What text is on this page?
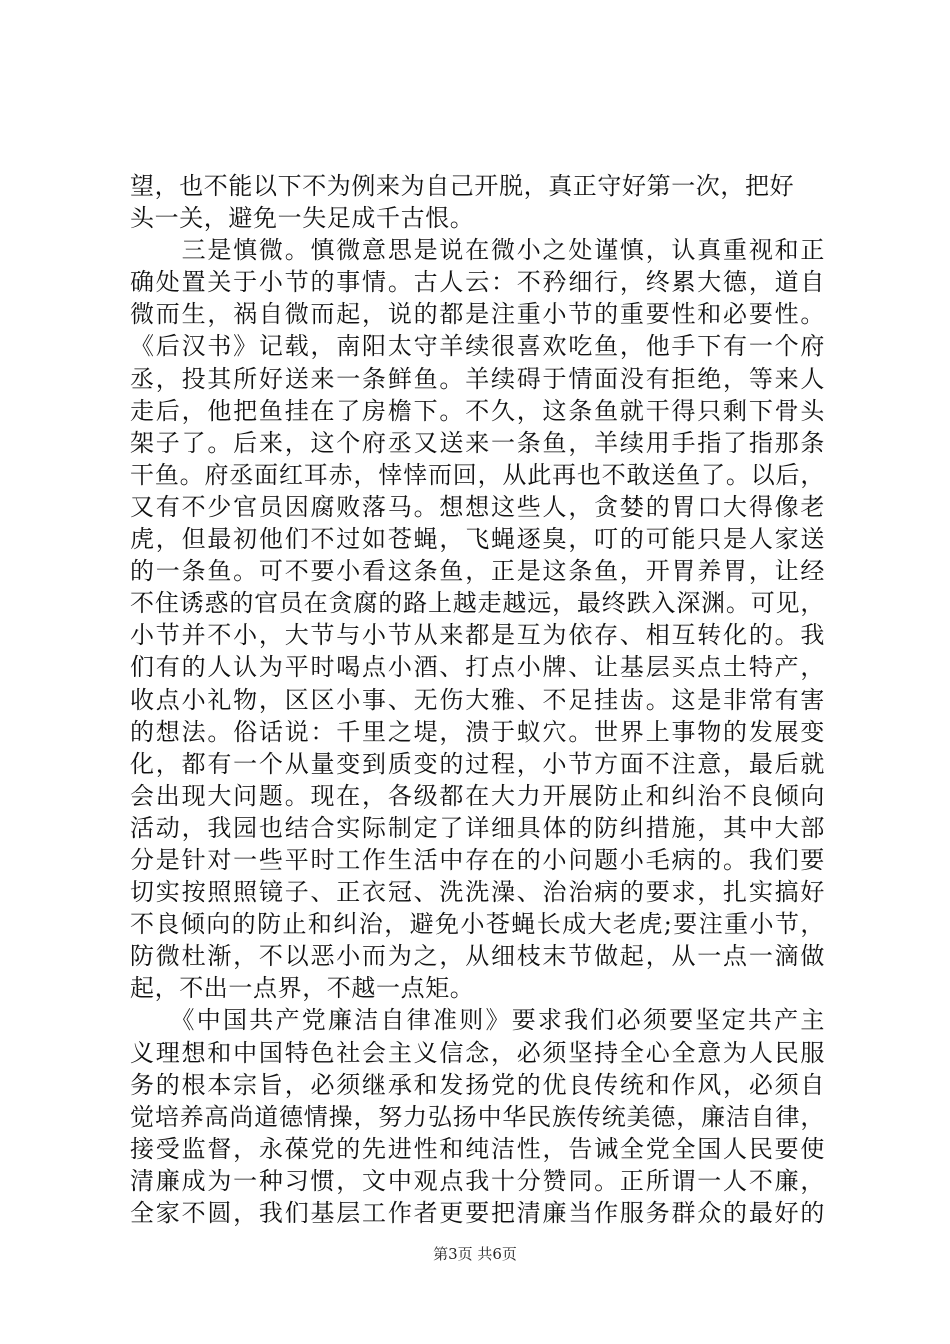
望，也不能以下不为例来为自己开脱，真正守好第一次，把好
头一关，避免一失足成千古恨。
　　三是慎微。慎微意思是说在微小之处谨慎，认真重视和正
确处置关于小节的事情。古人云：不矜细行，终累大德，道自
微而生，祸自微而起，说的都是注重小节的重要性和必要性。
《后汉书》记载，南阳太守羊续很喜欢吃鱼，他手下有一个府
丞，投其所好送来一条鲜鱼。羊续碍于情面没有拒绝，等来人
走后，他把鱼挂在了房檐下。不久，这条鱼就干得只剩下骨头
架子了。后来，这个府丞又送来一条鱼，羊续用手指了指那条
干鱼。府丞面红耳赤，悻悻而回，从此再也不敢送鱼了。以后，
又有不少官员因腐败落马。想想这些人，贪婪的胃口大得像老
虎，但最初他们不过如苍蝇，飞蝇逐臭，叮的可能只是人家送
的一条鱼。可不要小看这条鱼，正是这条鱼，开胃养胃，让经
不住诱惑的官员在贪腐的路上越走越远，最终跌入深渊。可见，
小节并不小，大节与小节从来都是互为依存、相互转化的。我
们有的人认为平时喝点小酒、打点小牌、让基层买点土特产，
收点小礼物，区区小事、无伤大雅、不足挂齿。这是非常有害
的想法。俗话说：千里之堤，溃于蚁穴。世界上事物的发展变
化，都有一个从量变到质变的过程，小节方面不注意，最后就
会出现大问题。现在，各级都在大力开展防止和纠治不良倾向
活动，我园也结合实际制定了详细具体的防纠措施，其中大部
分是针对一些平时工作生活中存在的小问题小毛病的。我们要
切实按照照镜子、正衣冠、洗洗澡、治治病的要求，扎实搞好
不良倾向的防止和纠治，避免小苍蝇长成大老虎;要注重小节，
防微杜渐，不以恶小而为之，从细枝末节做起，从一点一滴做
起，不出一点界，不越一点矩。
　　《中国共产党廉洁自律准则》要求我们必须要坚定共产主
义理想和中国特色社会主义信念，必须坚持全心全意为人民服
务的根本宗旨，必须继承和发扬党的优良传统和作风，必须自
觉培养高尚道德情操，努力弘扬中华民族传统美德，廉洁自律，
接受监督，永葆党的先进性和纯洁性，告诫全党全国人民要使
清廉成为一种习惯，文中观点我十分赞同。正所谓一人不廉，
全家不圆，我们基层工作者更要把清廉当作服务群众的最好的
第3页 共6页
